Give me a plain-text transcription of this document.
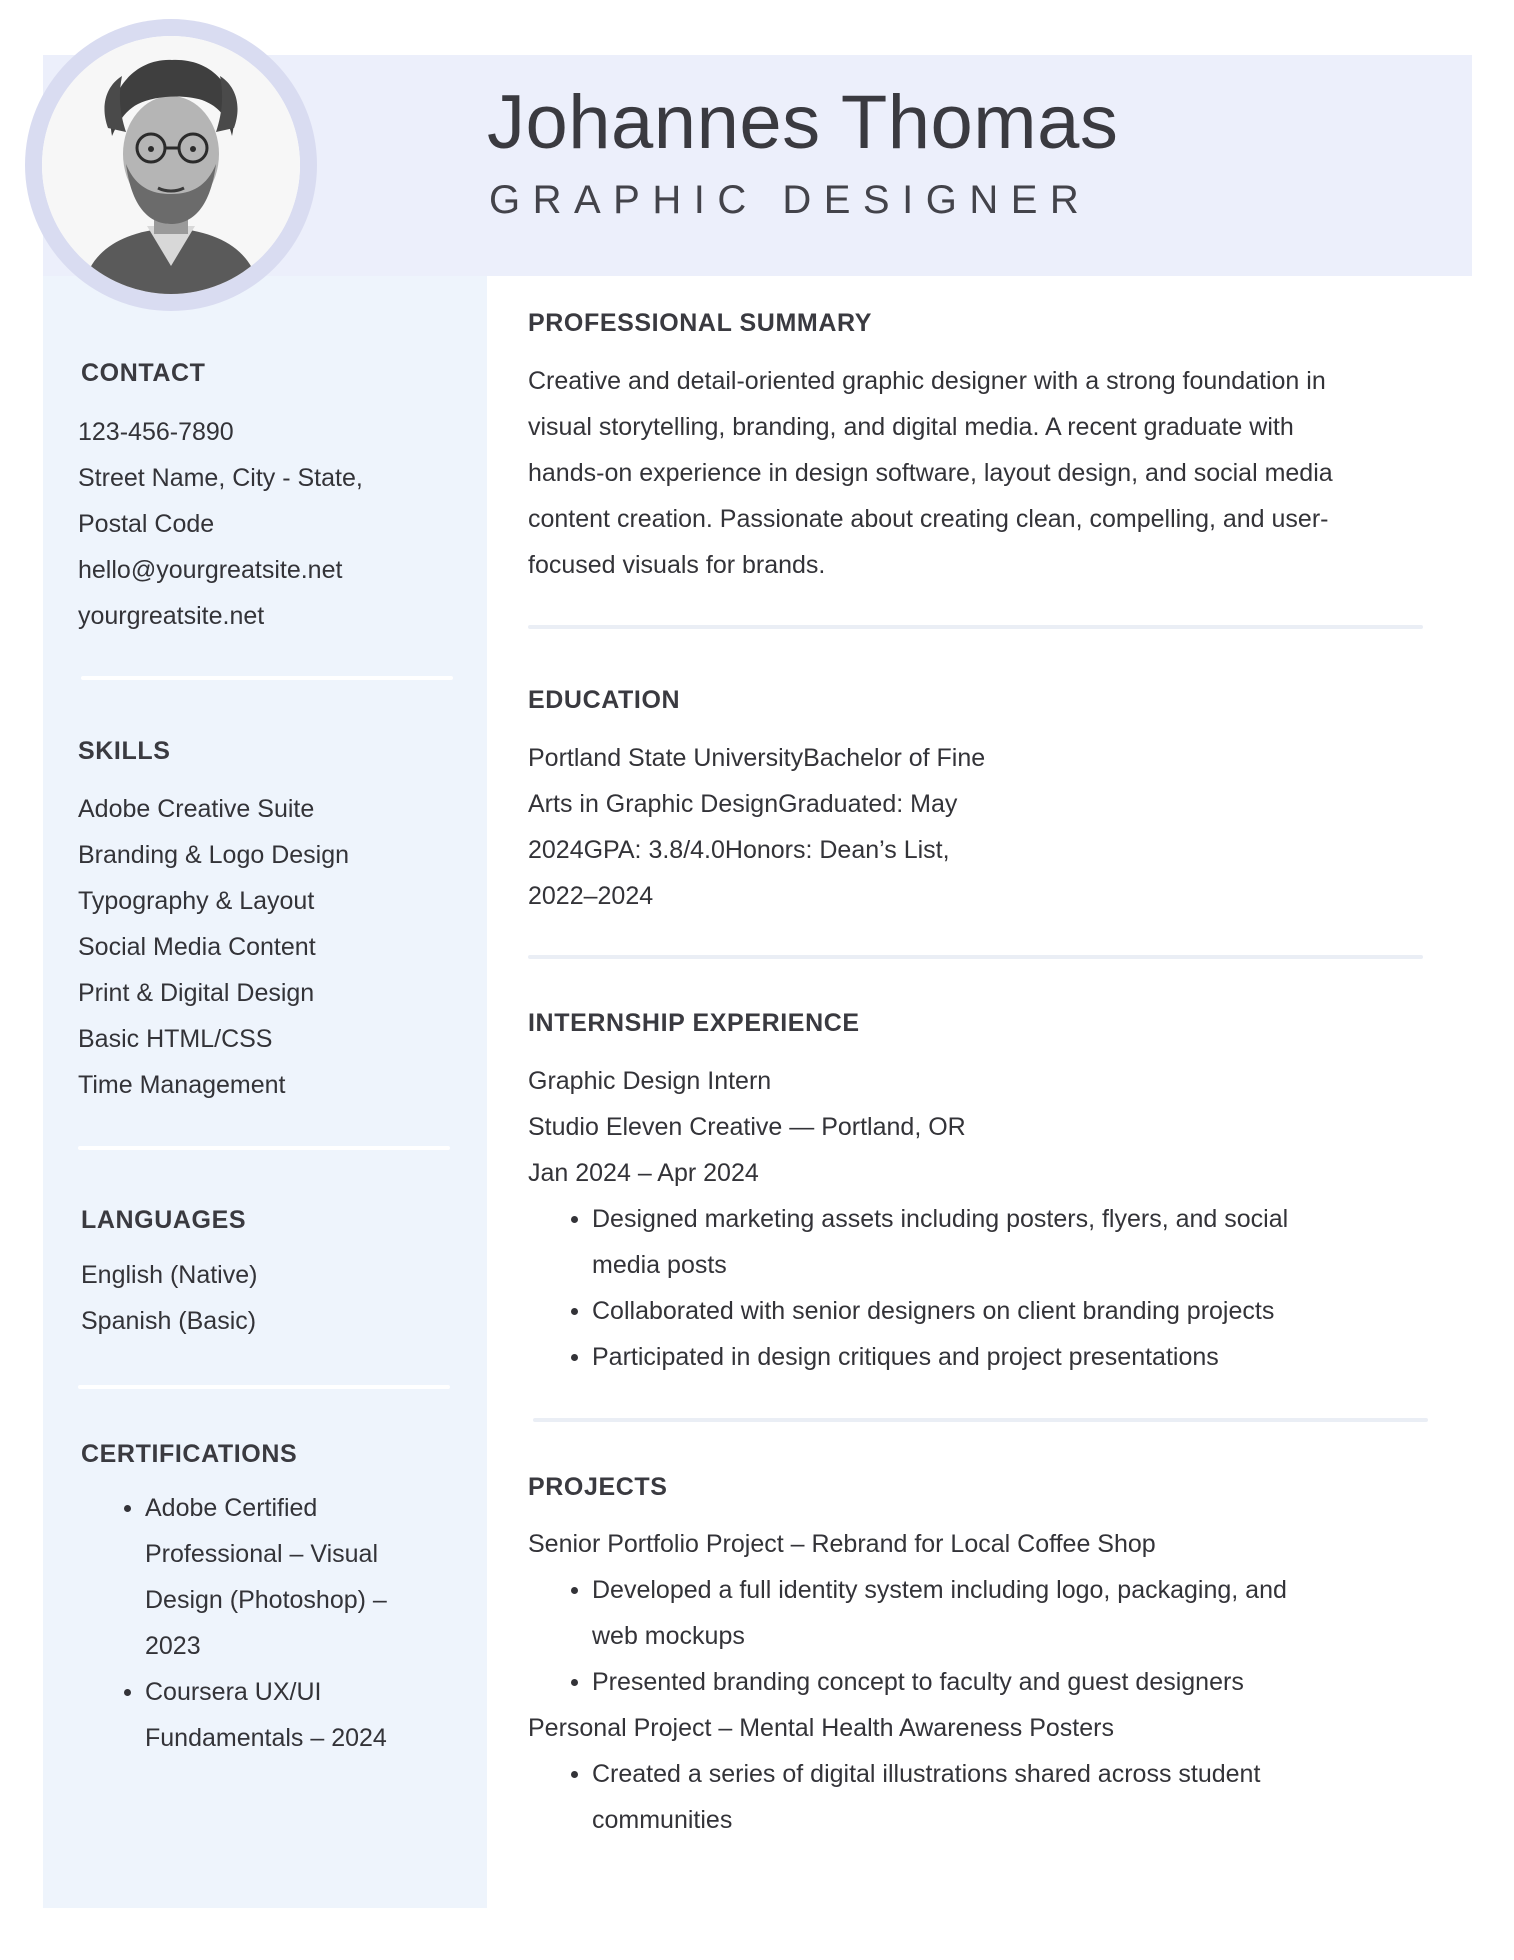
Johannes Thomas
GRAPHIC DESIGNER
CONTACT
123-456-7890
Street Name, City - State,
Postal Code
hello@yourgreatsite.net
yourgreatsite.net
SKILLS
Adobe Creative Suite
Branding & Logo Design
Typography & Layout
Social Media Content
Print & Digital Design
Basic HTML/CSS
Time Management
LANGUAGES
English (Native)
Spanish (Basic)
CERTIFICATIONS
Adobe Certified
Professional – Visual
Design (Photoshop) –
2023
Coursera UX/UI
Fundamentals – 2024
PROFESSIONAL SUMMARY
Creative and detail-oriented graphic designer with a strong foundation in
visual storytelling, branding, and digital media. A recent graduate with
hands-on experience in design software, layout design, and social media
content creation. Passionate about creating clean, compelling, and user-
focused visuals for brands.
EDUCATION
Portland State UniversityBachelor of Fine
Arts in Graphic DesignGraduated: May
2024GPA: 3.8/4.0Honors: Dean’s List,
2022–2024
INTERNSHIP EXPERIENCE
Graphic Design Intern
Studio Eleven Creative — Portland, OR
Jan 2024 – Apr 2024
Designed marketing assets including posters, flyers, and social
media posts
Collaborated with senior designers on client branding projects
Participated in design critiques and project presentations
PROJECTS
Senior Portfolio Project – Rebrand for Local Coffee Shop
Developed a full identity system including logo, packaging, and
web mockups
Presented branding concept to faculty and guest designers
Personal Project – Mental Health Awareness Posters
Created a series of digital illustrations shared across student
communities
